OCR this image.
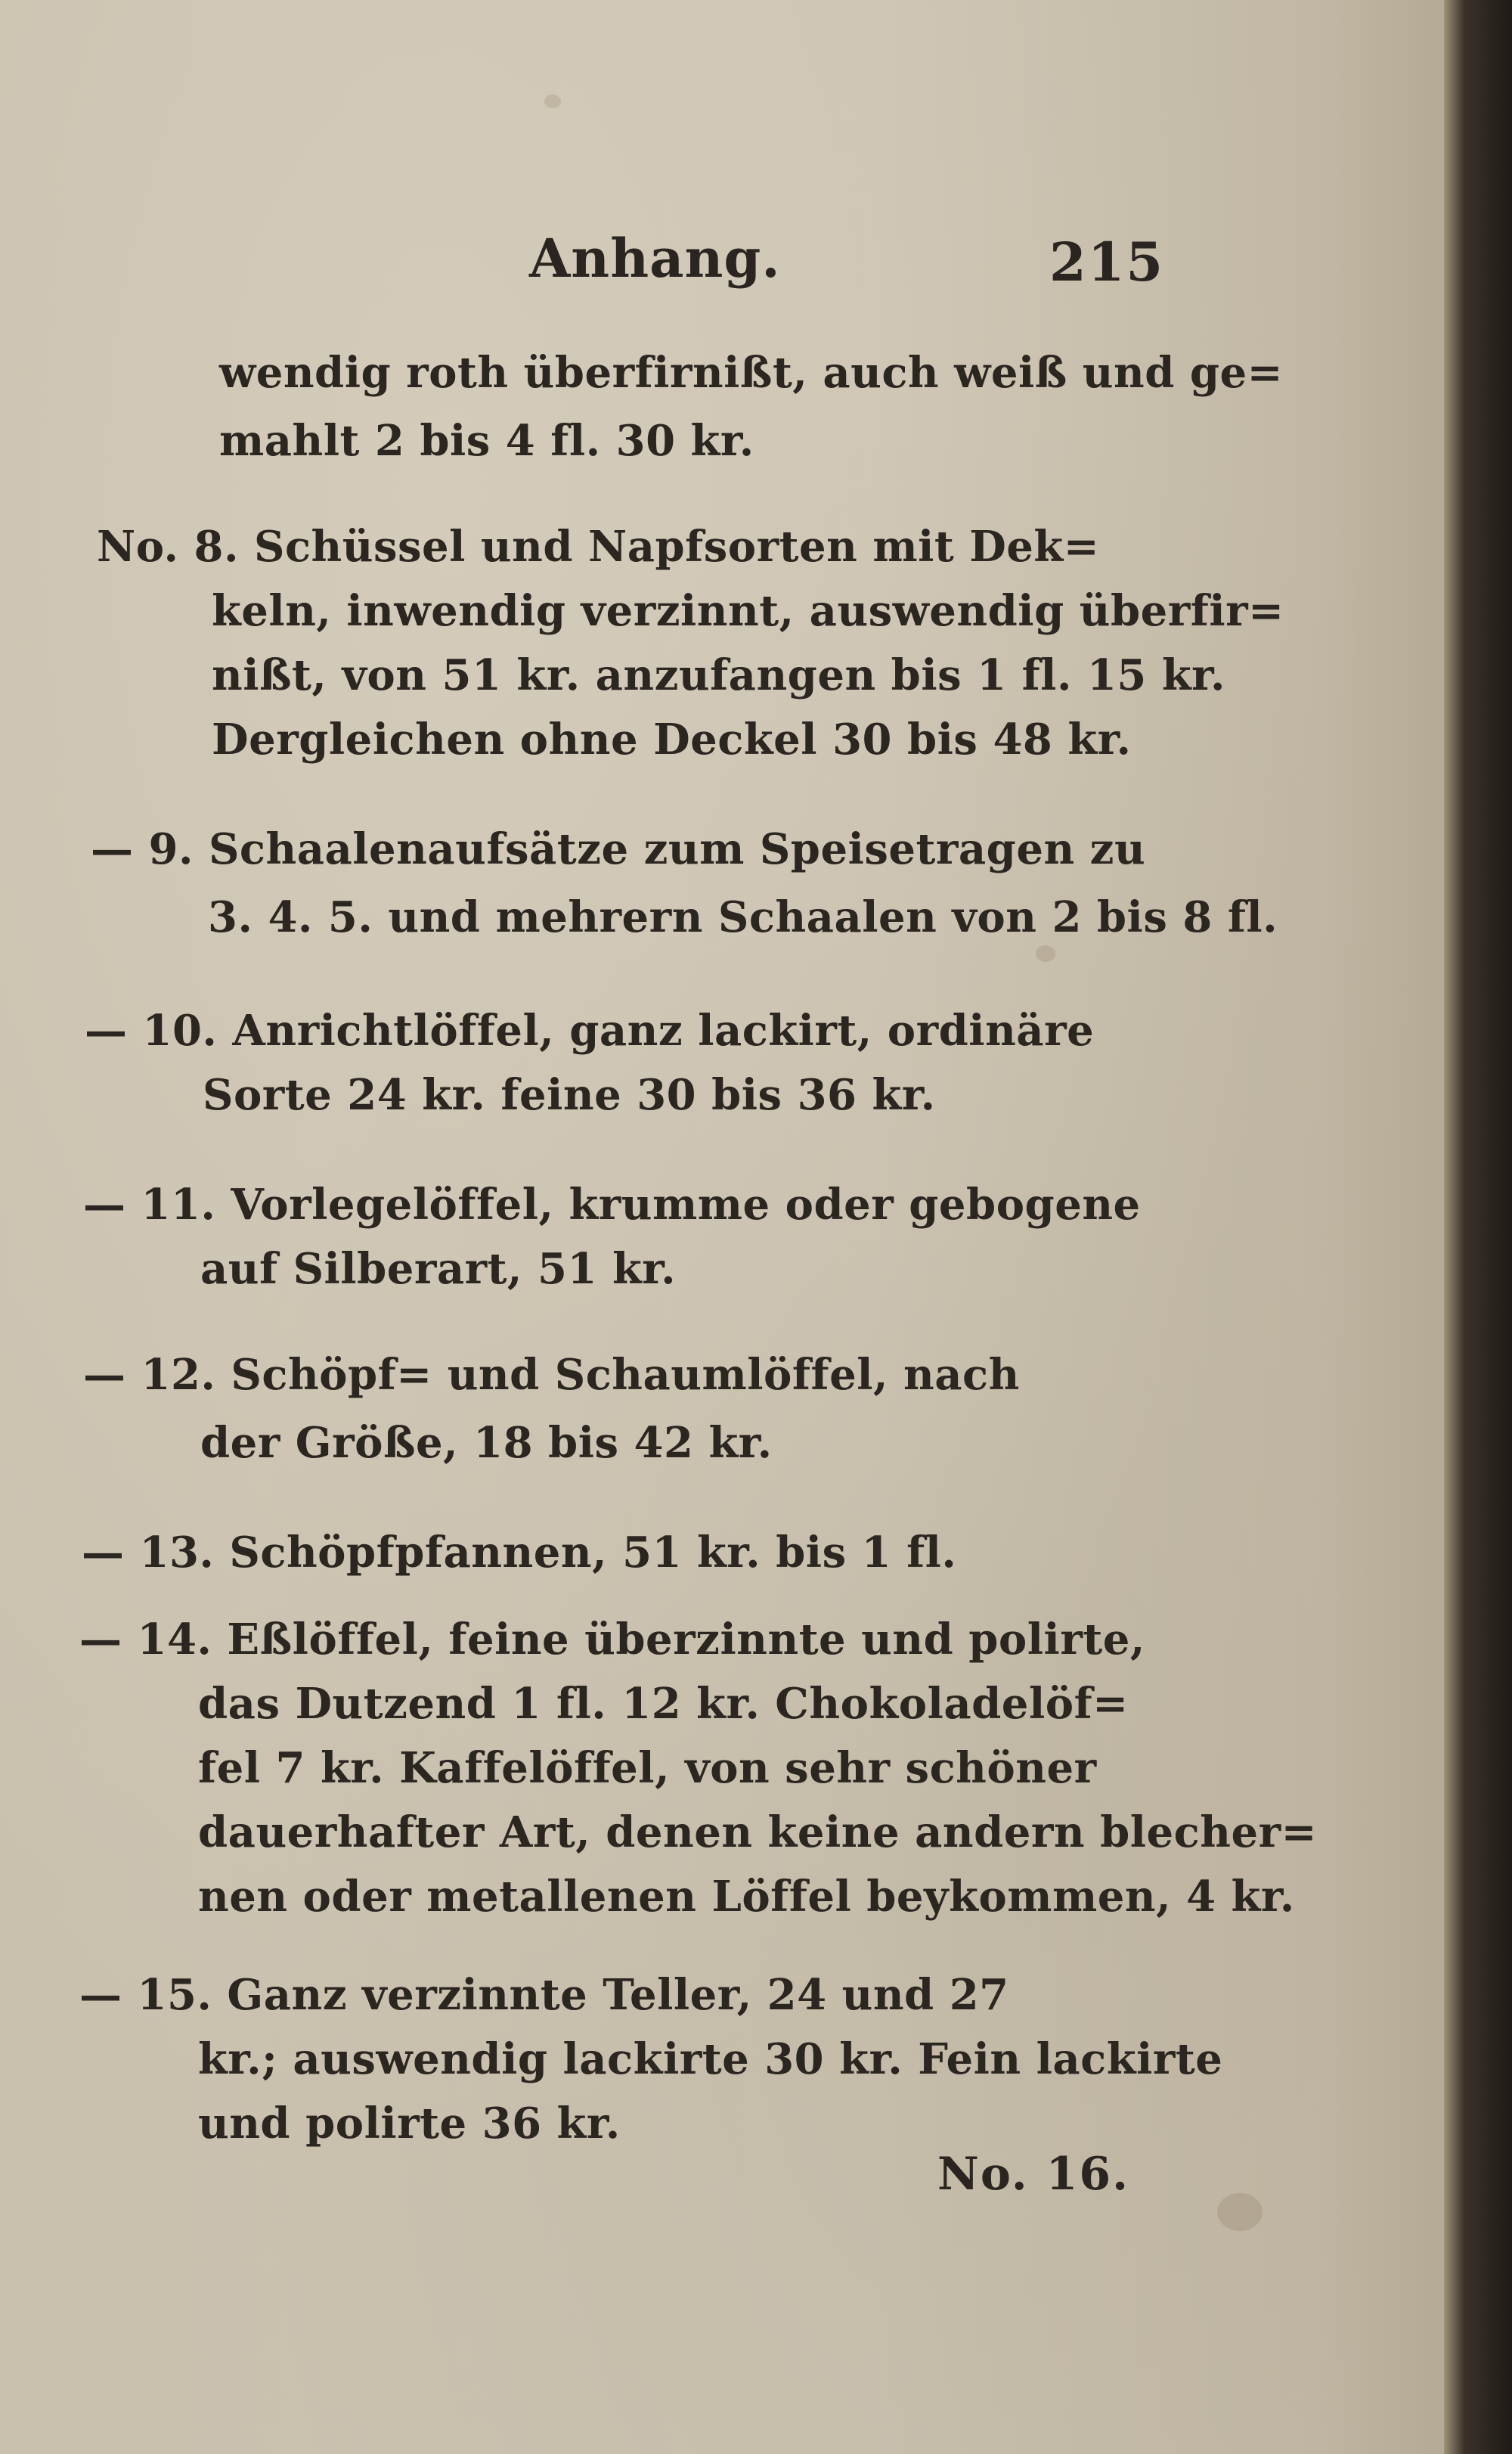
Anhang.	215
wendig roth überfirnißt, auch weiß und ge=
mahlt 2 bis 4 fl. 30 kr.
No. 8. Schüssel und Napfsorten mit Dek=
keln, inwendig verzinnt, auswendig überfir=
nißt, von 51 kr. anzufangen bis 1 fl. 15 kr.
Dergleichen ohne Deckel 30 bis 48 kr.
— 9. Schaalenaufsätze zum Speisetragen zu
3. 4. 5. und mehrern Schaalen von 2 bis 8 fl.
— 10. Anrichtlöffel, ganz lackirt, ordinäre
Sorte 24 kr. feine 30 bis 36 kr.
— 11. Vorlegelöffel, krumme oder gebogene
auf Silberart, 51 kr.
— 12. Schöpf= und Schaumlöffel, nach
der Größe, 18 bis 42 kr.
— 13. Schöpfpfannen, 51 kr. bis 1 fl.
— 14. Eßlöffel, feine überzinnte und polirte,
das Dutzend 1 fl. 12 kr. Chokoladelöf=
fel 7 kr. Kaffelöffel, von sehr schöner
dauerhafter Art, denen keine andern blecher=
nen oder metallenen Löffel beykommen, 4 kr.
— 15. Ganz verzinnte Teller, 24 und 27
kr.; auswendig lackirte 30 kr. Fein lackirte
und polirte 36 kr.
No. 16.
